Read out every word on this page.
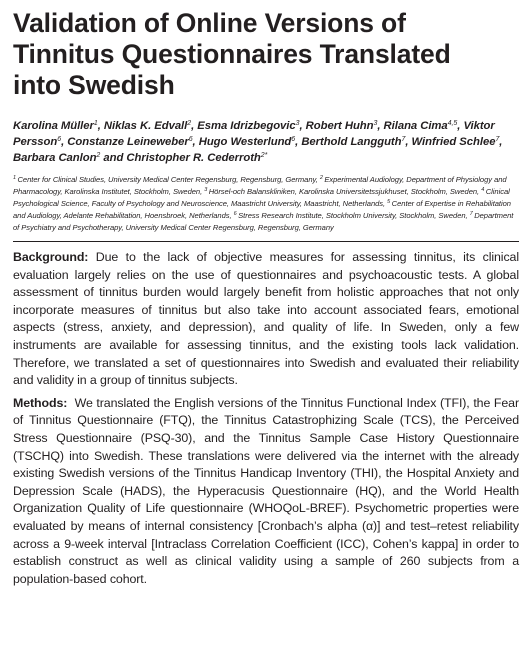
Validation of Online Versions of
Tinnitus Questionnaires Translated
into Swedish
Karolina Müller$^1$, Niklas K. Edvall$^2$, Esma Idrizbegovic$^3$, Robert Huhn$^3$, Rilana Cima$^{4,5}$, Viktor Persson$^6$, Constanze Leineweber$^6$, Hugo Westerlund$^6$, Berthold Langguth$^7$, Winfried Schlee$^7$, Barbara Canlon$^2$ and Christopher R. Cederroth$^{2*}$
$^1$ Center for Clinical Studies, University Medical Center Regensburg, Regensburg, Germany, $^2$ Experimental Audiology, Department of Physiology and Pharmacology, Karolinska Institutet, Stockholm, Sweden, $^3$ Hörsel-och Balanskliniken, Karolinska Universitetssjukhuset, Stockholm, Sweden, $^4$ Clinical Psychological Science, Faculty of Psychology and Neuroscience, Maastricht University, Maastricht, Netherlands, $^5$ Center of Expertise in Rehabilitation and Audiology, Adelante Rehabilitation, Hoensbroek, Netherlands, $^6$ Stress Research Institute, Stockholm University, Stockholm, Sweden, $^7$ Department of Psychiatry and Psychotherapy, University Medical Center Regensburg, Regensburg, Germany

Background: Due to the lack of objective measures for assessing tinnitus, its clinical evaluation largely relies on the use of questionnaires and psychoacoustic tests. A global assessment of tinnitus burden would largely benefit from holistic approaches that not only incorporate measures of tinnitus but also take into account associated fears, emotional aspects (stress, anxiety, and depression), and quality of life. In Sweden, only a few instruments are available for assessing tinnitus, and the existing tools lack validation. Therefore, we translated a set of questionnaires into Swedish and evaluated their reliability and validity in a group of tinnitus subjects.

Methods:  We translated the English versions of the Tinnitus Functional Index (TFI), the Fear of Tinnitus Questionnaire (FTQ), the Tinnitus Catastrophizing Scale (TCS), the Perceived Stress Questionnaire (PSQ-30), and the Tinnitus Sample Case History Questionnaire (TSCHQ) into Swedish. These translations were delivered via the internet with the already existing Swedish versions of the Tinnitus Handicap Inventory (THI), the Hospital Anxiety and Depression Scale (HADS), the Hyperacusis Questionnaire (HQ), and the World Health Organization Quality of Life questionnaire (WHOQoL-BREF). Psychometric properties were evaluated by means of internal consistency [Cronbach’s alpha (α)] and test–retest reliability across a 9-week interval [Intraclass Correlation Coefficient (ICC), Cohen’s kappa] in order to establish construct as well as clinical validity using a sample of 260 subjects from a population-based cohort.
